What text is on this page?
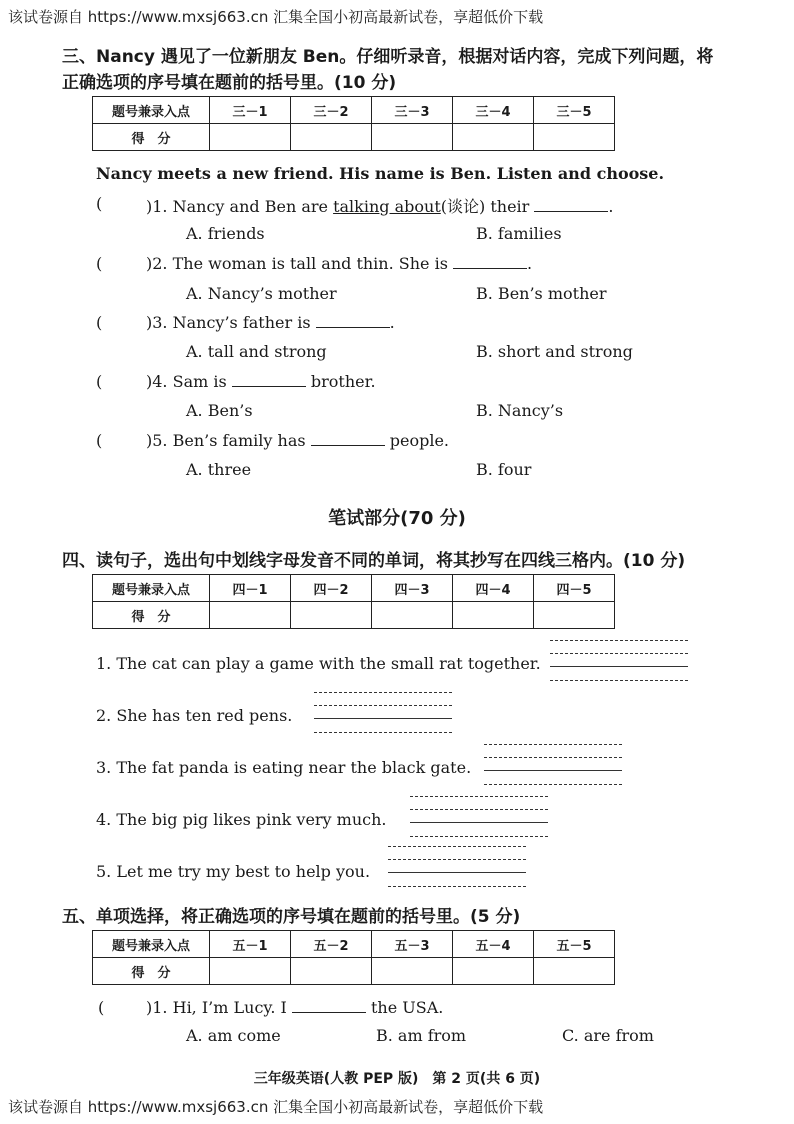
该试卷源自 https://www.mxsj663.cn 汇集全国小初高最新试卷，享超低价下载
三、Nancy 遇见了一位新朋友 Ben。仔细听录音，根据对话内容，完成下列问题，将
正确选项的序号填在题前的括号里。(10 分)
题号兼录入点	三－1	三－2	三－3	三－4	三－5
得　分					
Nancy meets a new friend. His name is Ben. Listen and choose.
(	)1. Nancy and Ben are talking about(谈论) their	.
A. friends	B. families
(	)2. The woman is tall and thin. She is	.
A. Nancy’s mother	B. Ben’s mother
(	)3. Nancy’s father is	.
A. tall and strong	B. short and strong
(	)4. Sam is	brother.
A. Ben’s	B. Nancy’s
(	)5. Ben’s family has	people.
A. three	B. four
笔试部分(70 分)
四、读句子，选出句中划线字母发音不同的单词，将其抄写在四线三格内。(10 分)
题号兼录入点	四－1	四－2	四－3	四－4	四－5
得　分					
1. The cat can play a game with the small rat together.
2. She has ten red pens.
3. The fat panda is eating near the black gate.
4. The big pig likes pink very much.
5. Let me try my best to help you.
五、单项选择，将正确选项的序号填在题前的括号里。(5 分)
题号兼录入点	五－1	五－2	五－3	五－4	五－5
得　分					
(	)1. Hi, I’m Lucy. I	the USA.
A. am come	B. am from	C. are from
三年级英语(人教 PEP 版)　第 2 页(共 6 页)
该试卷源自 https://www.mxsj663.cn 汇集全国小初高最新试卷，享超低价下载
